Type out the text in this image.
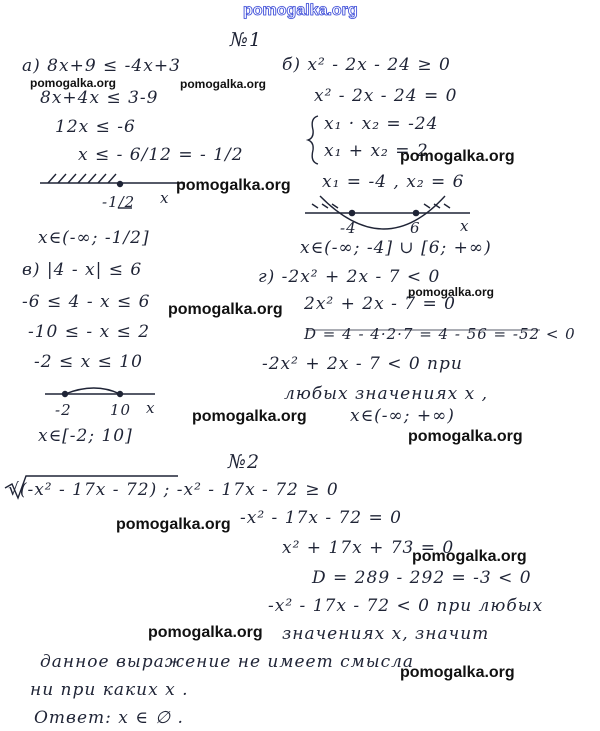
pomogalka.org
№1
а) 8x+9 ≤ -4x+3
8x+4x ≤ 3-9
12x ≤ -6
x ≤ - 6/12 = - 1/2
-1/2 x
x∈(-∞; -1/2]
б) x² - 2x - 24 ≥ 0
x² - 2x - 24 = 0
x₁ · x₂ = -24
x₁ + x₂ = 2
x₁ = -4 , x₂ = 6
-4	6	x
x∈(-∞; -4] ∪ [6; +∞)
в) |4 - x| ≤ 6
-6 ≤ 4 - x ≤ 6
-10 ≤ - x ≤ 2
-2 ≤ x ≤ 10
-2	10 x
x∈[-2; 10]
г) -2x² + 2x - 7 < 0
2x² + 2x - 7 = 0
D = 4 - 4·2·7 = 4 - 56 = -52 < 0
-2x² + 2x - 7 < 0 при
любых значениях x ,
x∈(-∞; +∞)
№2
√(-x² - 17x - 72) ; -x² - 17x - 72 ≥ 0
-x² - 17x - 72 = 0
x² + 17x + 73 = 0
D = 289 - 292 = -3 < 0
-x² - 17x - 72 < 0 при любых
значениях x, значит
данное выражение не имеет смысла
ни при каких x .
Ответ: x ∈ ∅ .
pomogalka.org	pomogalka.org
pomogalka.org
pomogalka.org
pomogalka.org
pomogalka.org
pomogalka.org
pomogalka.org
pomogalka.org
pomogalka.org
pomogalka.org
pomogalka.org
